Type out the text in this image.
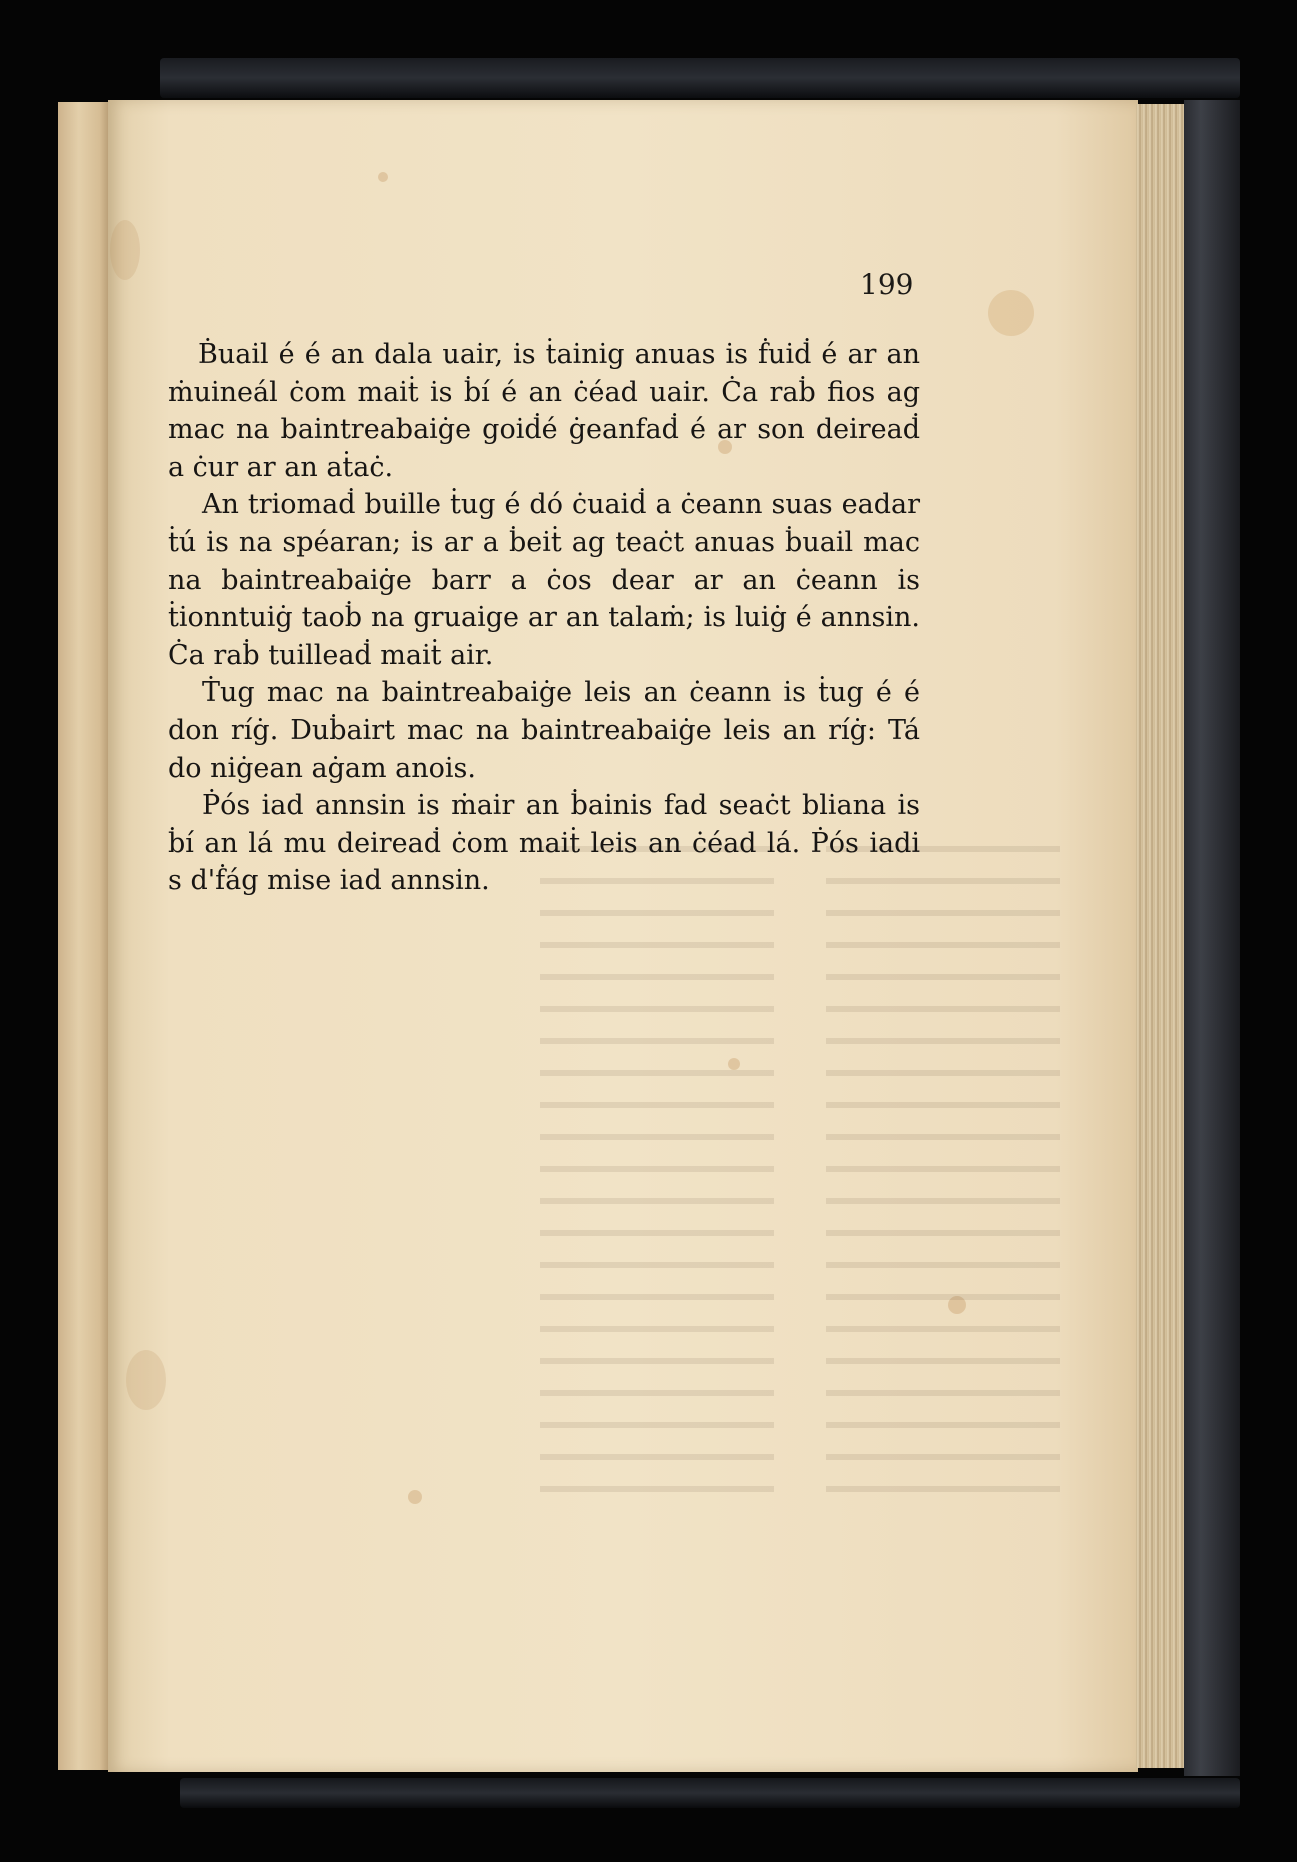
199

Ḃuail é é an dala uair, is ṫainig anuas is ḟuiḋ é ar an ṁuineál ċom maiṫ is ḃí é an ċéad uair. Ċa raḃ fios ag mac na baintreabaiġe goiḋé ġeanfaḋ é ar son deireaḋ a ċur ar an aṫaċ.

An triomaḋ buille ṫug é dó ċuaiḋ a ċeann suas eadar ṫú is na spéaran; is ar a ḃeiṫ ag teaċt anuas ḃuail mac na baintreabaiġe barr a ċos dear ar an ċeann is ṫionntuiġ taoḃ na gruaige ar an talaṁ; is luiġ é annsin. Ċa raḃ tuilleaḋ maiṫ air.

Ṫug mac na baintreabaiġe leis an ċeann is ṫug é é don ríġ. Duḃairt mac na baintreabaiġe leis an ríġ: Tá do niġean aġam anois.

Ṗós iad annsin is ṁair an ḃainis fad seaċt bliana is ḃí an lá mu deireaḋ ċom maiṫ leis an ċéad lá. Ṗós iadi s d'ḟág mise iad annsin.
